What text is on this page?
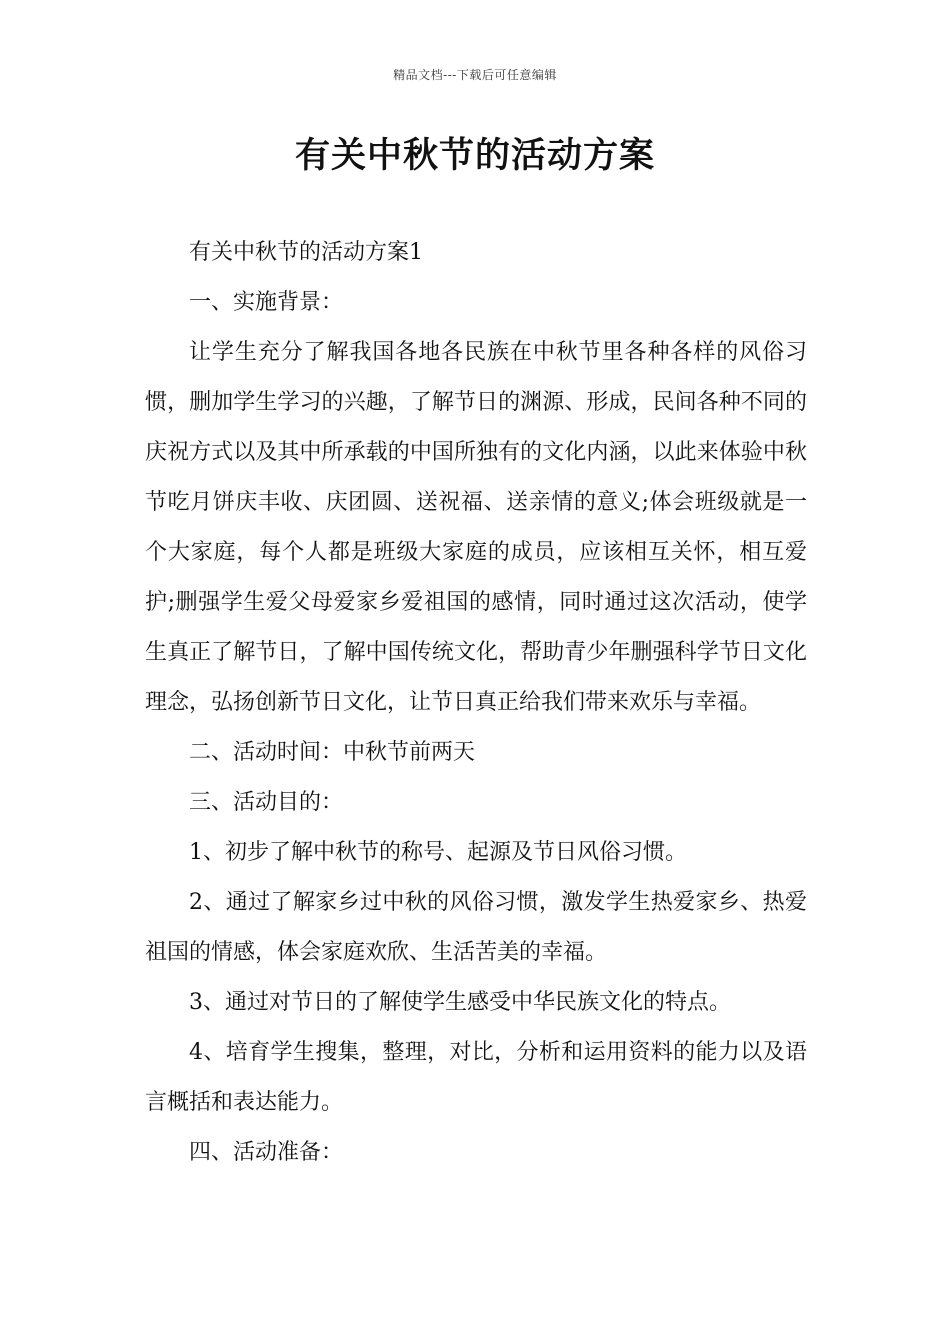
精品文档---下载后可任意编辑
有关中秋节的活动方案

有关中秋节的活动方案1

一、实施背景：

让学生充分了解我国各地各民族在中秋节里各种各样的风俗习惯，删加学生学习的兴趣，了解节日的渊源、形成，民间各种不同的庆祝方式以及其中所承载的中国所独有的文化内涵，以此来体验中秋节吃月饼庆丰收、庆团圆、送祝福、送亲情的意义;体会班级就是一个大家庭，每个人都是班级大家庭的成员，应该相互关怀，相互爱护;删强学生爱父母爱家乡爱祖国的感情，同时通过这次活动，使学生真正了解节日，了解中国传统文化，帮助青少年删强科学节日文化理念，弘扬创新节日文化，让节日真正给我们带来欢乐与幸福。

二、活动时间：中秋节前两天

三、活动目的：

1、初步了解中秋节的称号、起源及节日风俗习惯。

2、通过了解家乡过中秋的风俗习惯，激发学生热爱家乡、热爱祖国的情感，体会家庭欢欣、生活苦美的幸福。

3、通过对节日的了解使学生感受中华民族文化的特点。

4、培育学生搜集，整理，对比，分析和运用资料的能力以及语言概括和表达能力。

四、活动准备：
